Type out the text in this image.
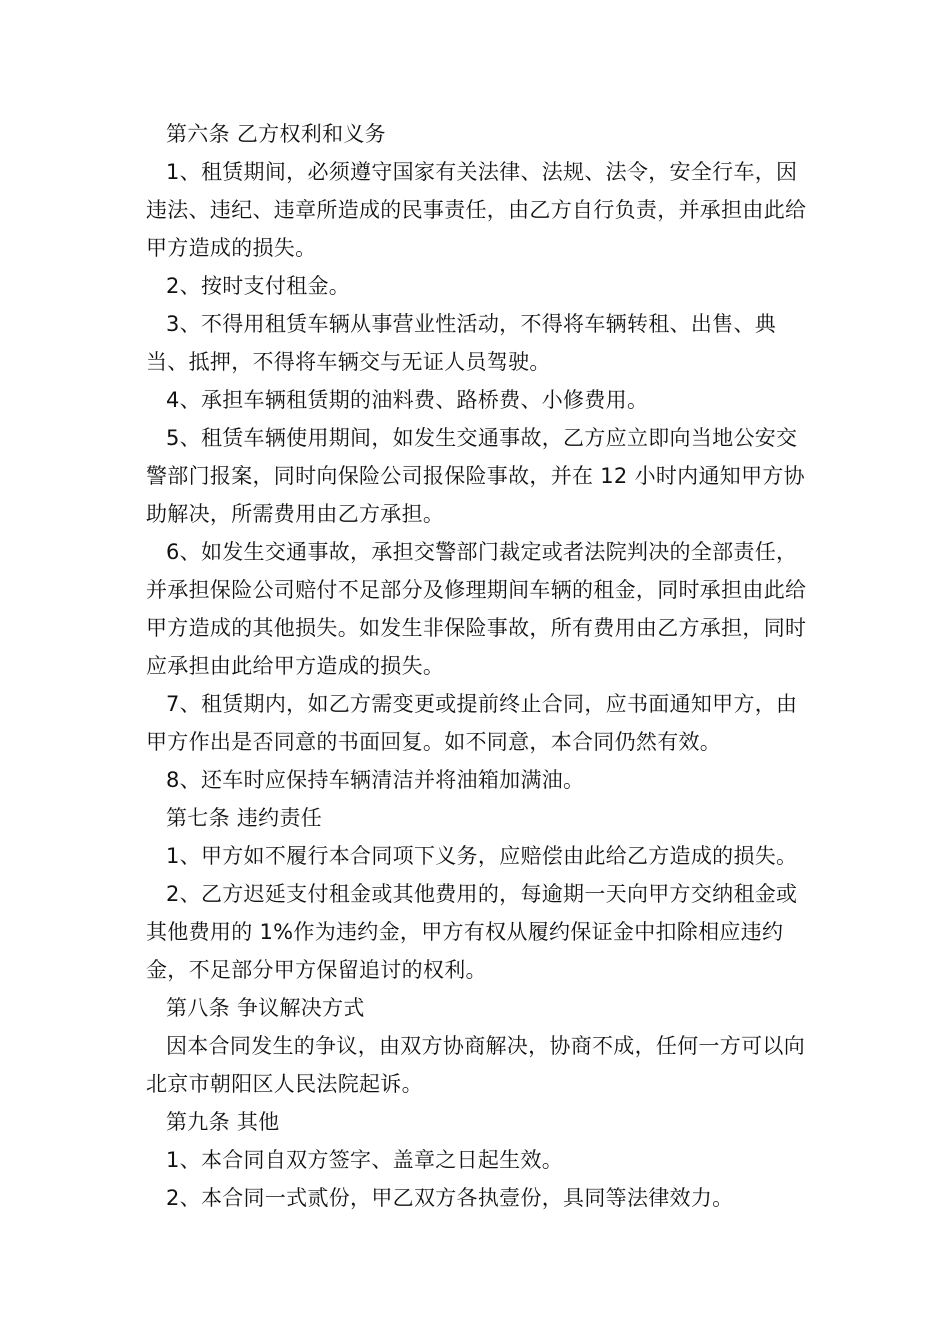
第六条 乙方权利和义务

1、租赁期间，必须遵守国家有关法律、法规、法令，安全行车，因违法、违纪、违章所造成的民事责任，由乙方自行负责，并承担由此给甲方造成的损失。

2、按时支付租金。

3、不得用租赁车辆从事营业性活动，不得将车辆转租、出售、典当、抵押，不得将车辆交与无证人员驾驶。

4、承担车辆租赁期的油料费、路桥费、小修费用。

5、租赁车辆使用期间，如发生交通事故，乙方应立即向当地公安交警部门报案，同时向保险公司报保险事故，并在 12 小时内通知甲方协助解决，所需费用由乙方承担。

6、如发生交通事故，承担交警部门裁定或者法院判决的全部责任，并承担保险公司赔付不足部分及修理期间车辆的租金，同时承担由此给甲方造成的其他损失。如发生非保险事故，所有费用由乙方承担，同时应承担由此给甲方造成的损失。

7、租赁期内，如乙方需变更或提前终止合同，应书面通知甲方，由甲方作出是否同意的书面回复。如不同意，本合同仍然有效。

8、还车时应保持车辆清洁并将油箱加满油。

第七条 违约责任

1、甲方如不履行本合同项下义务，应赔偿由此给乙方造成的损失。

2、乙方迟延支付租金或其他费用的，每逾期一天向甲方交纳租金或其他费用的 1%作为违约金，甲方有权从履约保证金中扣除相应违约金，不足部分甲方保留追讨的权利。

第八条 争议解决方式

因本合同发生的争议，由双方协商解决，协商不成，任何一方可以向北京市朝阳区人民法院起诉。

第九条 其他

1、本合同自双方签字、盖章之日起生效。

2、本合同一式贰份，甲乙双方各执壹份，具同等法律效力。
